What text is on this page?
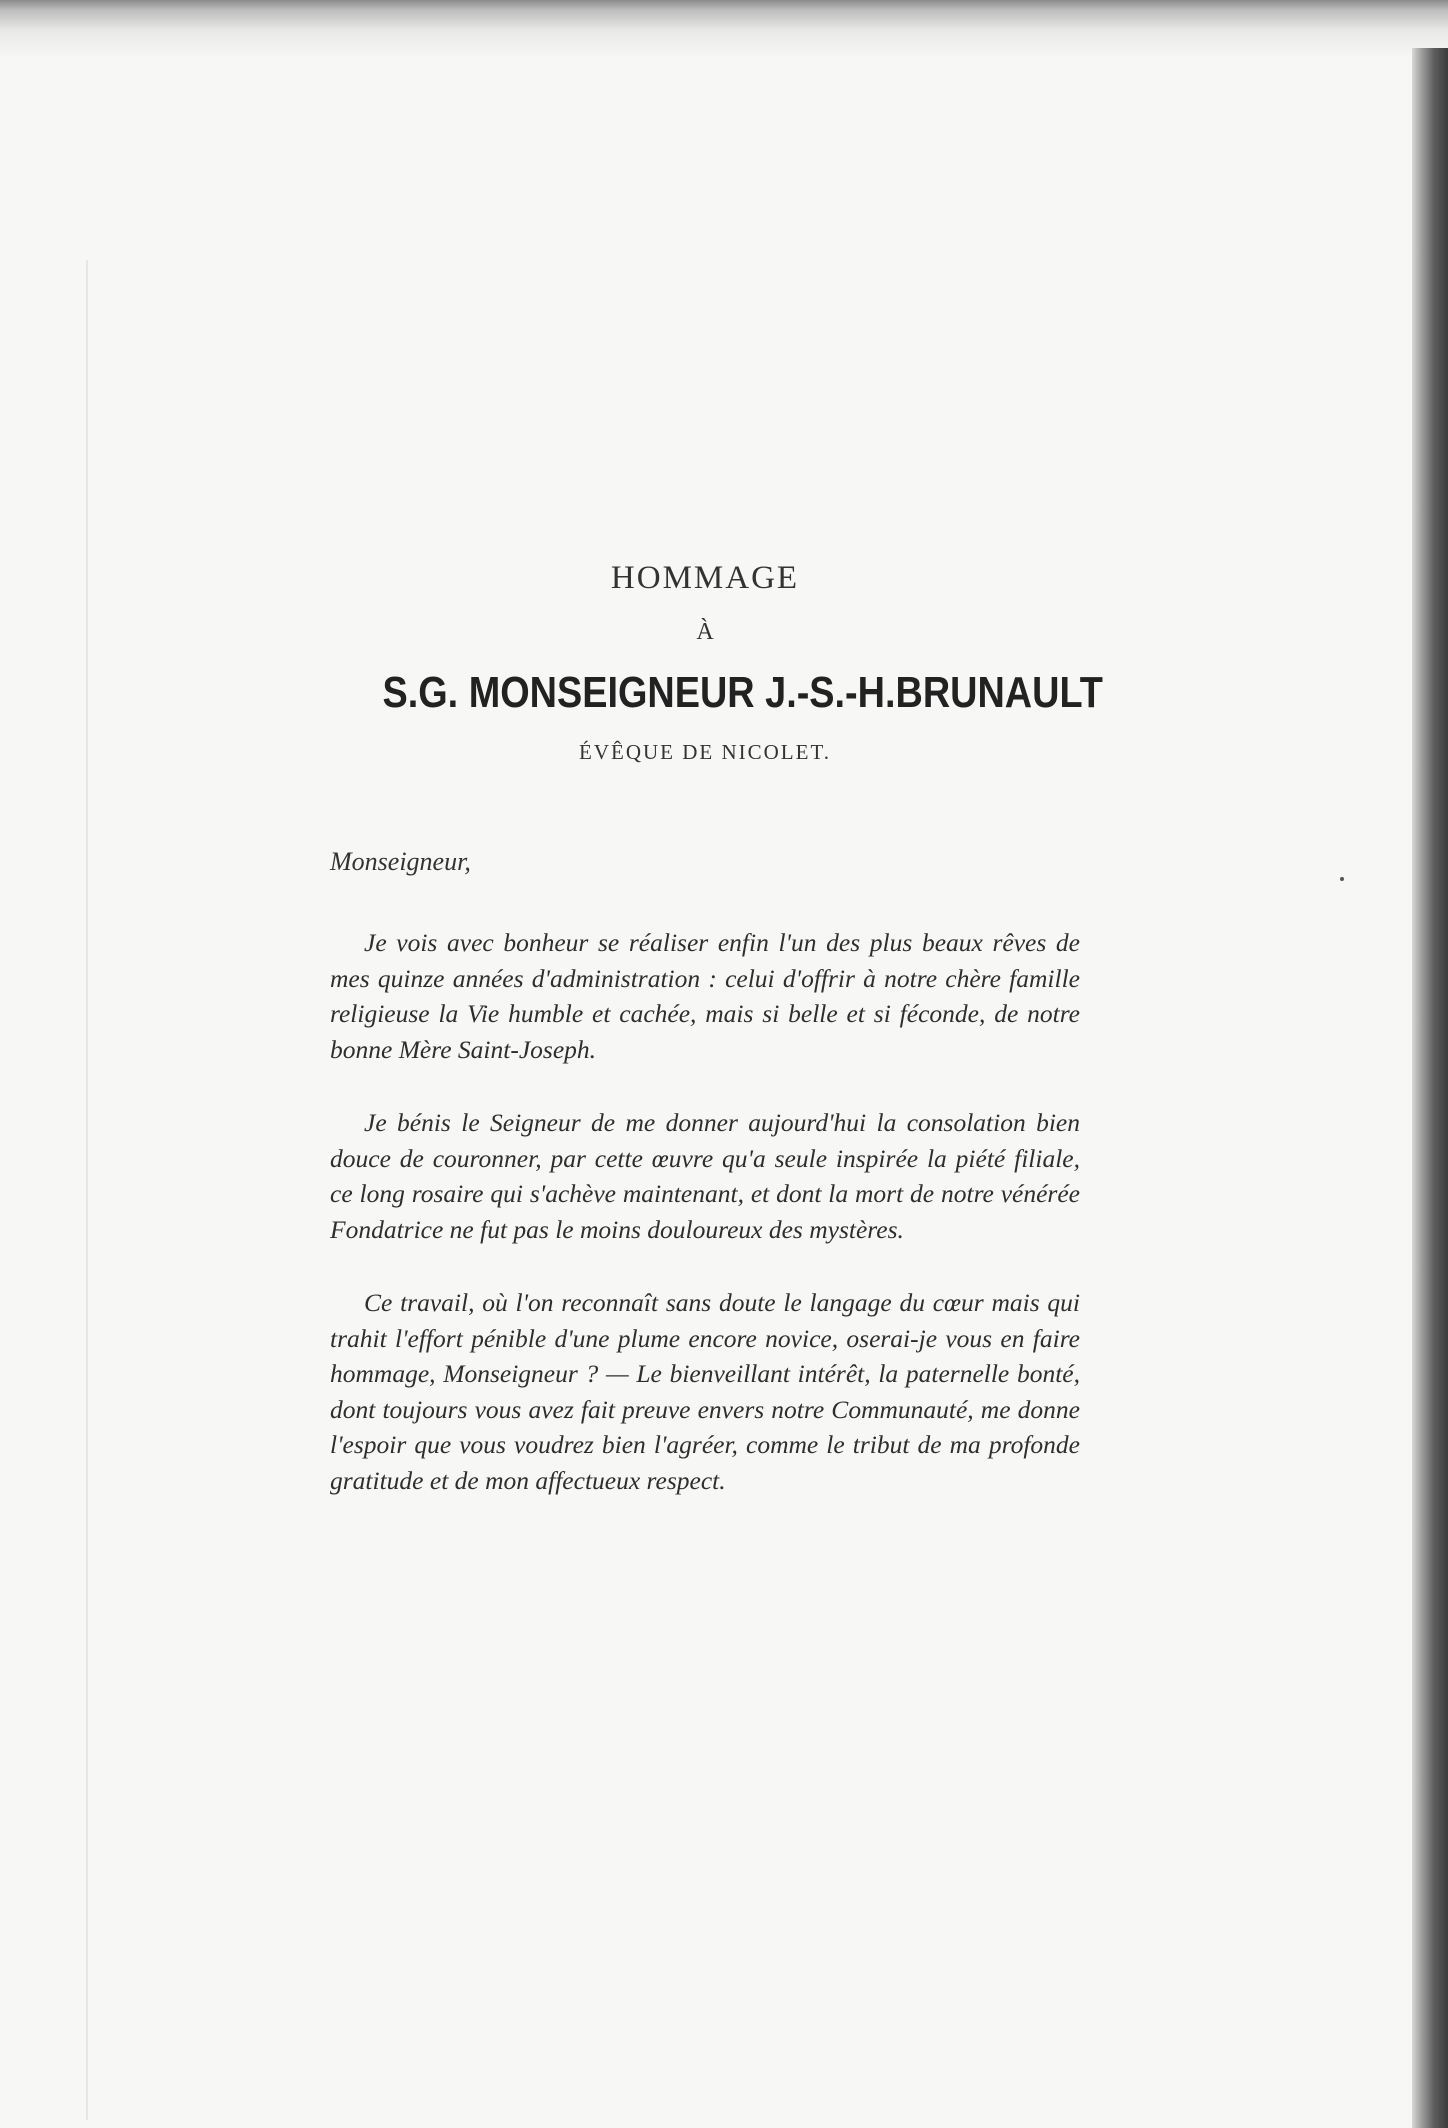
HOMMAGE
À
S.G. MONSEIGNEUR J.-S.-H.BRUNAULT
ÉVÊQUE DE NICOLET.
Monseigneur,

Je vois avec bonheur se réaliser enfin l'un des plus beaux rêves de mes quinze années d'administration : celui d'offrir à notre chère famille religieuse la Vie humble et cachée, mais si belle et si féconde, de notre bonne Mère Saint-Joseph.

Je bénis le Seigneur de me donner aujourd'hui la consolation bien douce de couronner, par cette œuvre qu'a seule inspirée la piété filiale, ce long rosaire qui s'achève maintenant, et dont la mort de notre vénérée Fondatrice ne fut pas le moins douloureux des mystères.

Ce travail, où l'on reconnaît sans doute le langage du cœur mais qui trahit l'effort pénible d'une plume encore novice, oserai-je vous en faire hommage, Monseigneur ? — Le bienveillant intérêt, la paternelle bonté, dont toujours vous avez fait preuve envers notre Communauté, me donne l'espoir que vous voudrez bien l'agréer, comme le tribut de ma profonde gratitude et de mon affectueux respect.
